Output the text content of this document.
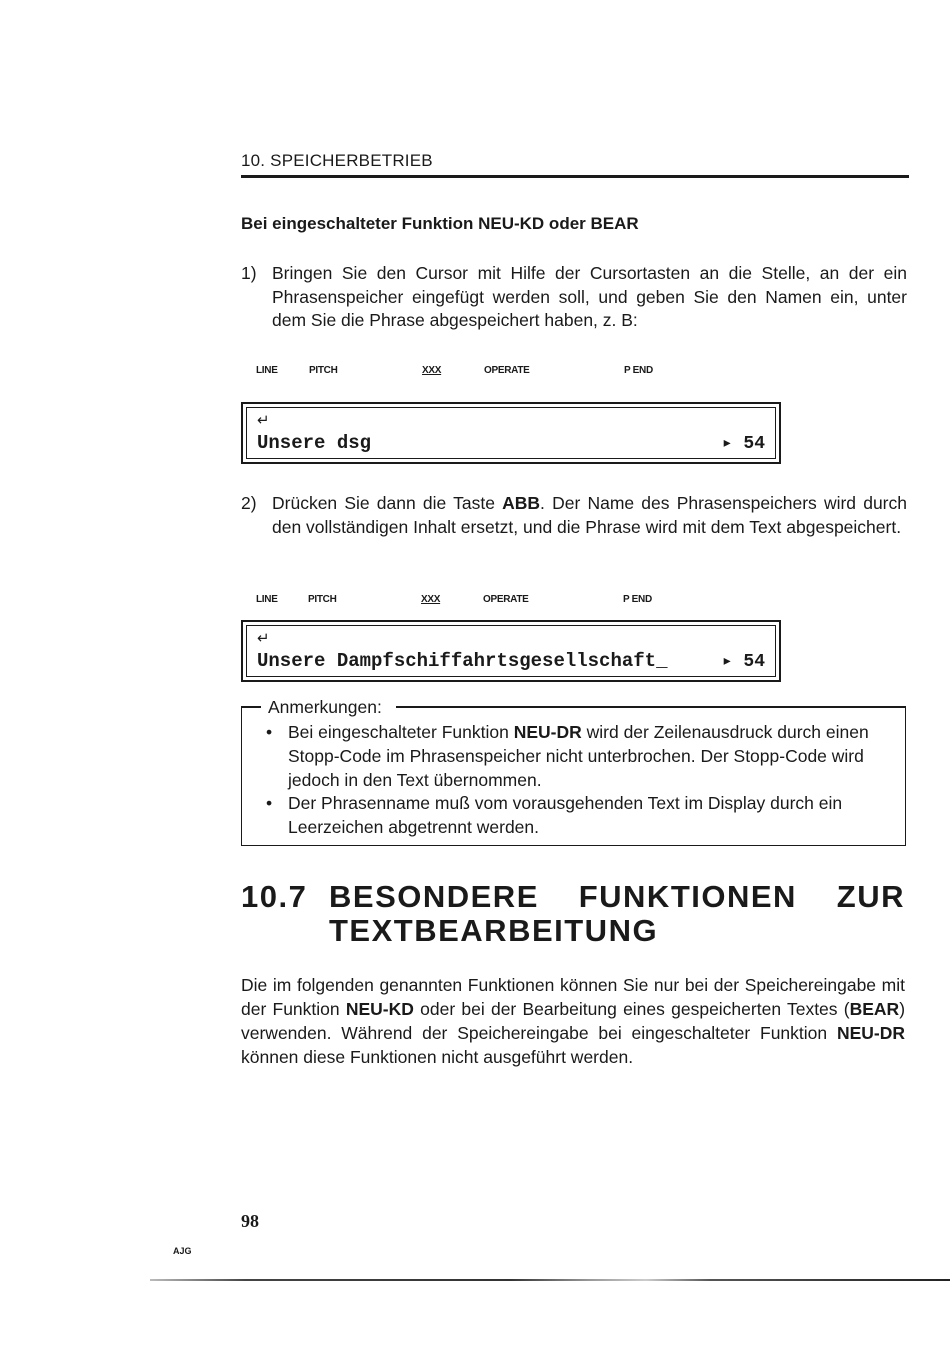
10. SPEICHERBETRIEB
Bei eingeschalteter Funktion NEU-KD oder BEAR
1) Bringen Sie den Cursor mit Hilfe der Cursortasten an die Stelle, an der ein Phrasenspeicher eingefügt werden soll, und geben Sie den Namen ein, unter dem Sie die Phrase abgespeichert haben, z. B:
LINE	PITCH	XXX	OPERATE	P END
↵
Unsere dsg	▸ 54
2) Drücken Sie dann die Taste ABB. Der Name des Phrasenspeichers wird durch den vollständigen Inhalt ersetzt, und die Phrase wird mit dem Text abgespeichert.
LINE	PITCH	XXX	OPERATE	P END
↵
Unsere Dampfschiffahrtsgesellschaft_	▸ 54
Anmerkungen:
• Bei eingeschalteter Funktion NEU-DR wird der Zeilenausdruck durch einen Stopp-Code im Phrasenspeicher nicht unterbrochen. Der Stopp-Code wird jedoch in den Text übernommen.
• Der Phrasenname muß vom vorausgehenden Text im Display durch ein Leerzeichen abgetrennt werden.
10.7 BESONDERE FUNKTIONEN ZUR
TEXTBEARBEITUNG
Die im folgenden genannten Funktionen können Sie nur bei der Speichereingabe mit der Funktion NEU-KD oder bei der Bearbeitung eines gespeicherten Textes (BEAR) verwenden. Während der Speichereingabe bei eingeschalteter Funktion NEU-DR können diese Funktionen nicht ausgeführt werden.
98
AJG
